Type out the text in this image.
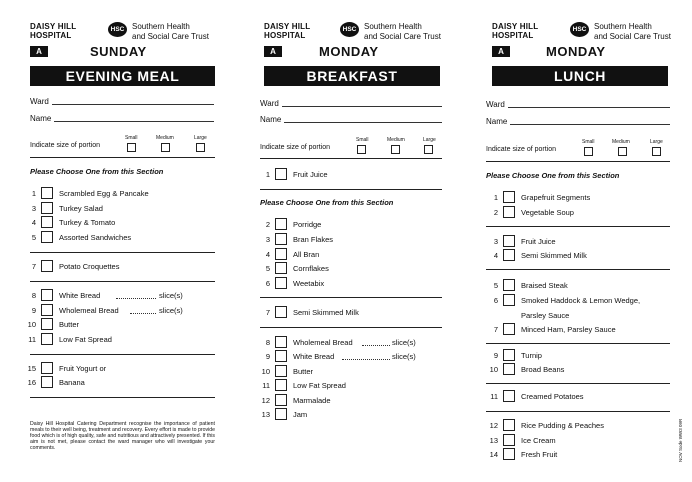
DAISY HILL
HOSPITAL
HSC Southern Health
and Social Care Trust
A	SUNDAY
EVENING MEAL
Ward
Name
Indicate size of portion
Small	Medium	Large
Please Choose One from this Section
1	Scrambled Egg & Pancake
3	Turkey Salad
4	Turkey & Tomato
5	Assorted Sandwiches
7	Potato Croquettes
8	White Bread	slice(s)
9	Wholemeal Bread	slice(s)
10	Butter
11	Low Fat Spread
15	Fruit Yogurt or
16	Banana
Daisy Hill Hospital Catering Department recognise the importance of patient meals to their well being, treatment and recovery. Every effort is made to provide food which is of high quality, safe and nutritious and attractively presented. If this aim is not met, please contact the ward manager who will investigate your comments.
DAISY HILL
HOSPITAL
HSC Southern Health
and Social Care Trust
A	MONDAY
BREAKFAST
Ward
Name
Indicate size of portion
Small	Medium	Large
1	Fruit Juice
Please Choose One from this Section
2	Porridge
3	Bran Flakes
4	All Bran
5	Cornflakes
6	Weetabix
7	Semi Skimmed Milk
8	Wholemeal Bread	slice(s)
9	White Bread	slice(s)
10	Butter
11	Low Fat Spread
12	Marmalade
13	Jam
DAISY HILL
HOSPITAL
HSC Southern Health
and Social Care Trust
A	MONDAY
LUNCH
Ward
Name
Indicate size of portion
Small	Medium	Large
Please Choose One from this Section
1	Grapefruit Segments
2	Vegetable Soup
3	Fruit Juice
4	Semi Skimmed Milk
5	Braised Steak
6	Smoked Haddock & Lemon Wedge,
Parsley Sauce
7	Minced Ham, Parsley Sauce
9	Turnip
10	Broad Beans
11	Creamed Potatoes
12	Rice Pudding & Peaches
13	Ice Cream
14	Fresh Fruit	NOV Sode WW3 09R
